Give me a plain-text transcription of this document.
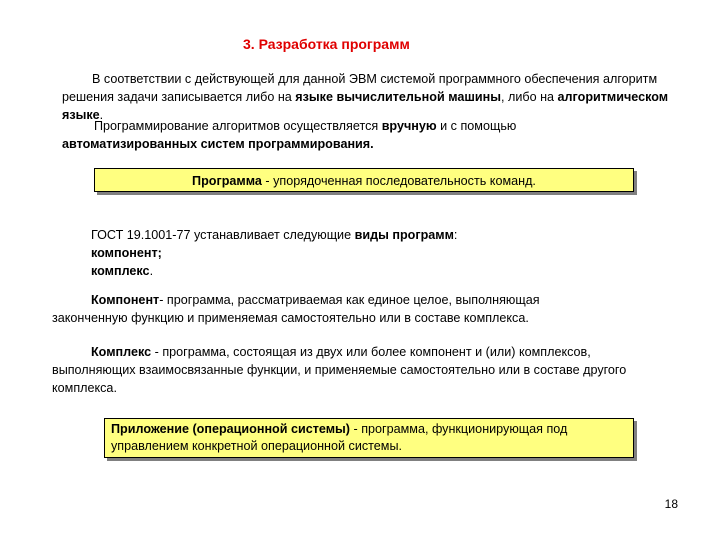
3. Разработка программ
В соответствии с действующей для данной ЭВМ системой программного обеспечения алгоритм решения задачи записывается либо на языке вычислительной машины, либо на алгоритмическом языке.
Программирование алгоритмов осуществляется вручную и с помощью автоматизированных систем программирования.
Программа - упорядоченная последовательность команд.
ГОСТ 19.1001-77 устанавливает следующие виды программ:
компонент;
комплекс.
Компонент- программа, рассматриваемая как единое целое, выполняющая законченную функцию и применяемая самостоятельно или в составе комплекса.
Комплекс - программа, состоящая из двух или более компонент и (или) комплексов, выполняющих взаимосвязанные функции, и применяемые самостоятельно или в составе другого комплекса.
Приложение (операционной системы) - программа, функционирующая под управлением конкретной операционной системы.
18
